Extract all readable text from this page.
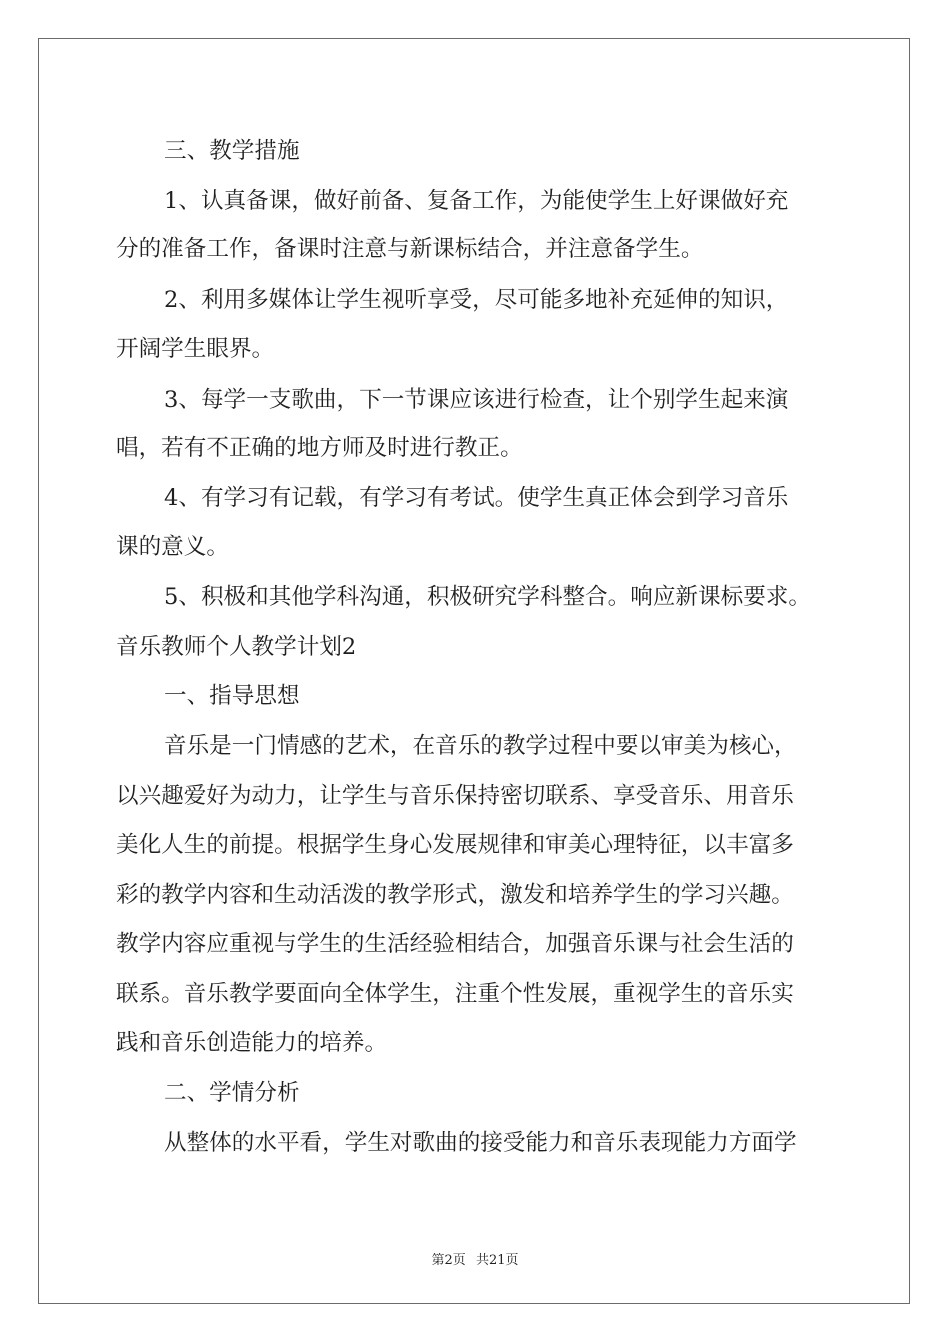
三、教学措施

1、认真备课，做好前备、复备工作，为能使学生上好课做好充

分的准备工作，备课时注意与新课标结合，并注意备学生。

2、利用多媒体让学生视听享受，尽可能多地补充延伸的知识，

开阔学生眼界。

3、每学一支歌曲，下一节课应该进行检查，让个别学生起来演

唱，若有不正确的地方师及时进行教正。

4、有学习有记载，有学习有考试。使学生真正体会到学习音乐

课的意义。

5、积极和其他学科沟通，积极研究学科整合。响应新课标要求。

音乐教师个人教学计划2

一、指导思想

音乐是一门情感的艺术，在音乐的教学过程中要以审美为核心，

以兴趣爱好为动力，让学生与音乐保持密切联系、享受音乐、用音乐

美化人生的前提。根据学生身心发展规律和审美心理特征，以丰富多

彩的教学内容和生动活泼的教学形式，激发和培养学生的学习兴趣。

教学内容应重视与学生的生活经验相结合，加强音乐课与社会生活的

联系。音乐教学要面向全体学生，注重个性发展，重视学生的音乐实

践和音乐创造能力的培养。

二、学情分析

从整体的水平看，学生对歌曲的接受能力和音乐表现能力方面学

第2页 共21页
